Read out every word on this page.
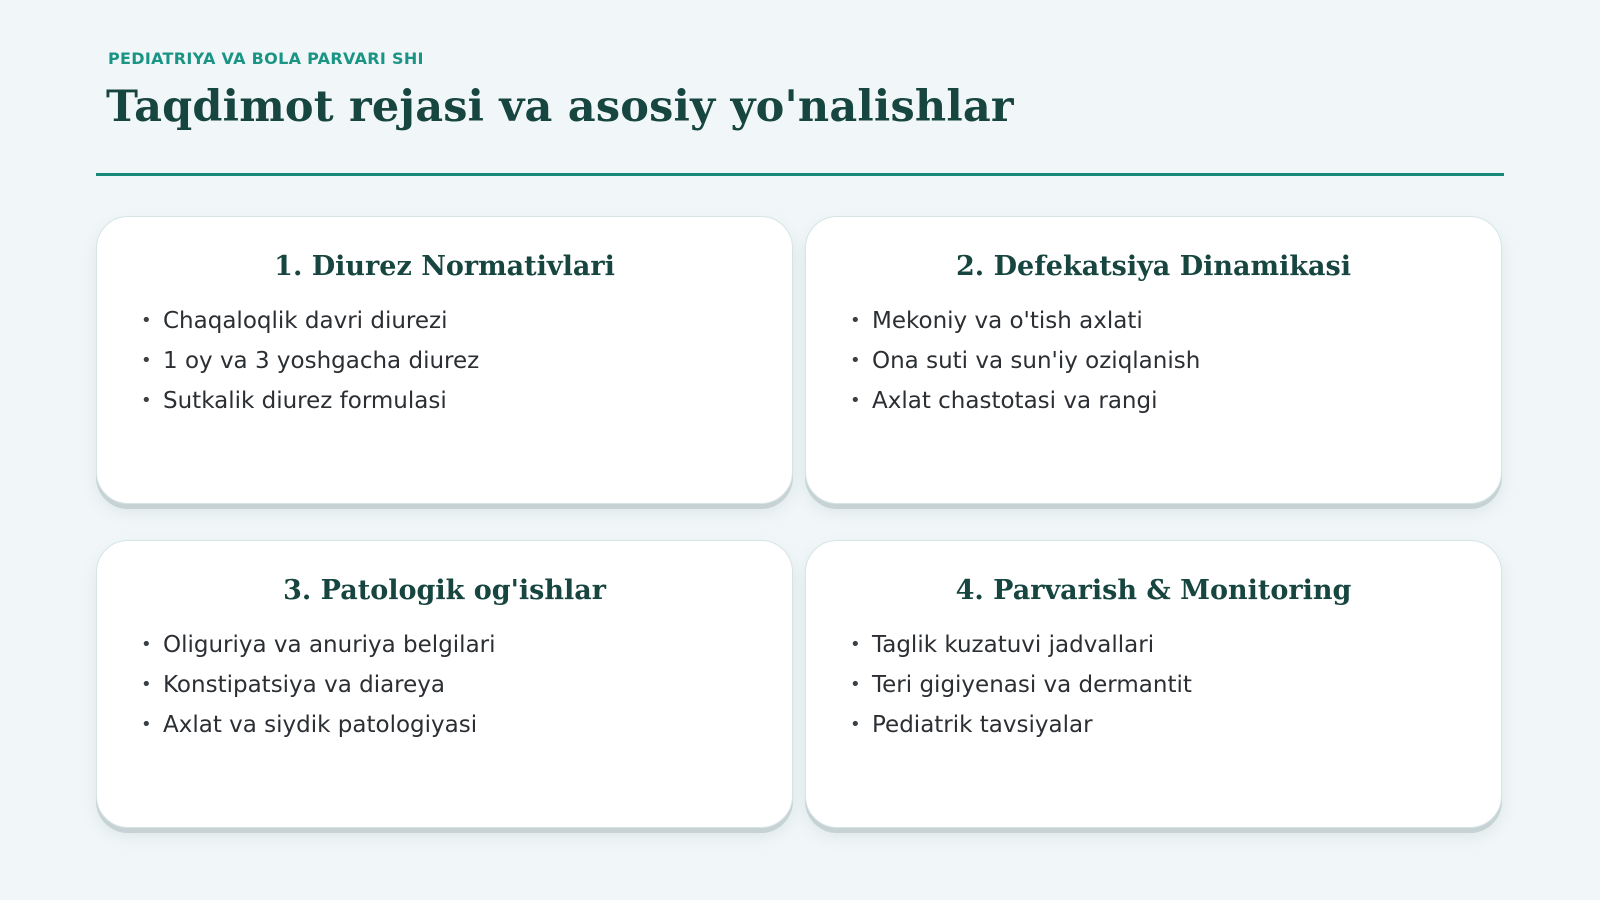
PEDIATRIYA VA BOLA PARVARI SHI
Taqdimot rejasi va asosiy yo'nalishlar
1. Diurez Normativlari
• Chaqaloqlik davri diurezi
• 1 oy va 3 yoshgacha diurez
• Sutkalik diurez formulasi
2. Defekatsiya Dinamikasi
• Mekoniy va o'tish axlati
• Ona suti va sun'iy oziqlanish
• Axlat chastotasi va rangi
3. Patologik og'ishlar
• Oliguriya va anuriya belgilari
• Konstipatsiya va diareya
• Axlat va siydik patologiyasi
4. Parvarish & Monitoring
• Taglik kuzatuvi jadvallari
• Teri gigiyenasi va dermantit
• Pediatrik tavsiyalar
